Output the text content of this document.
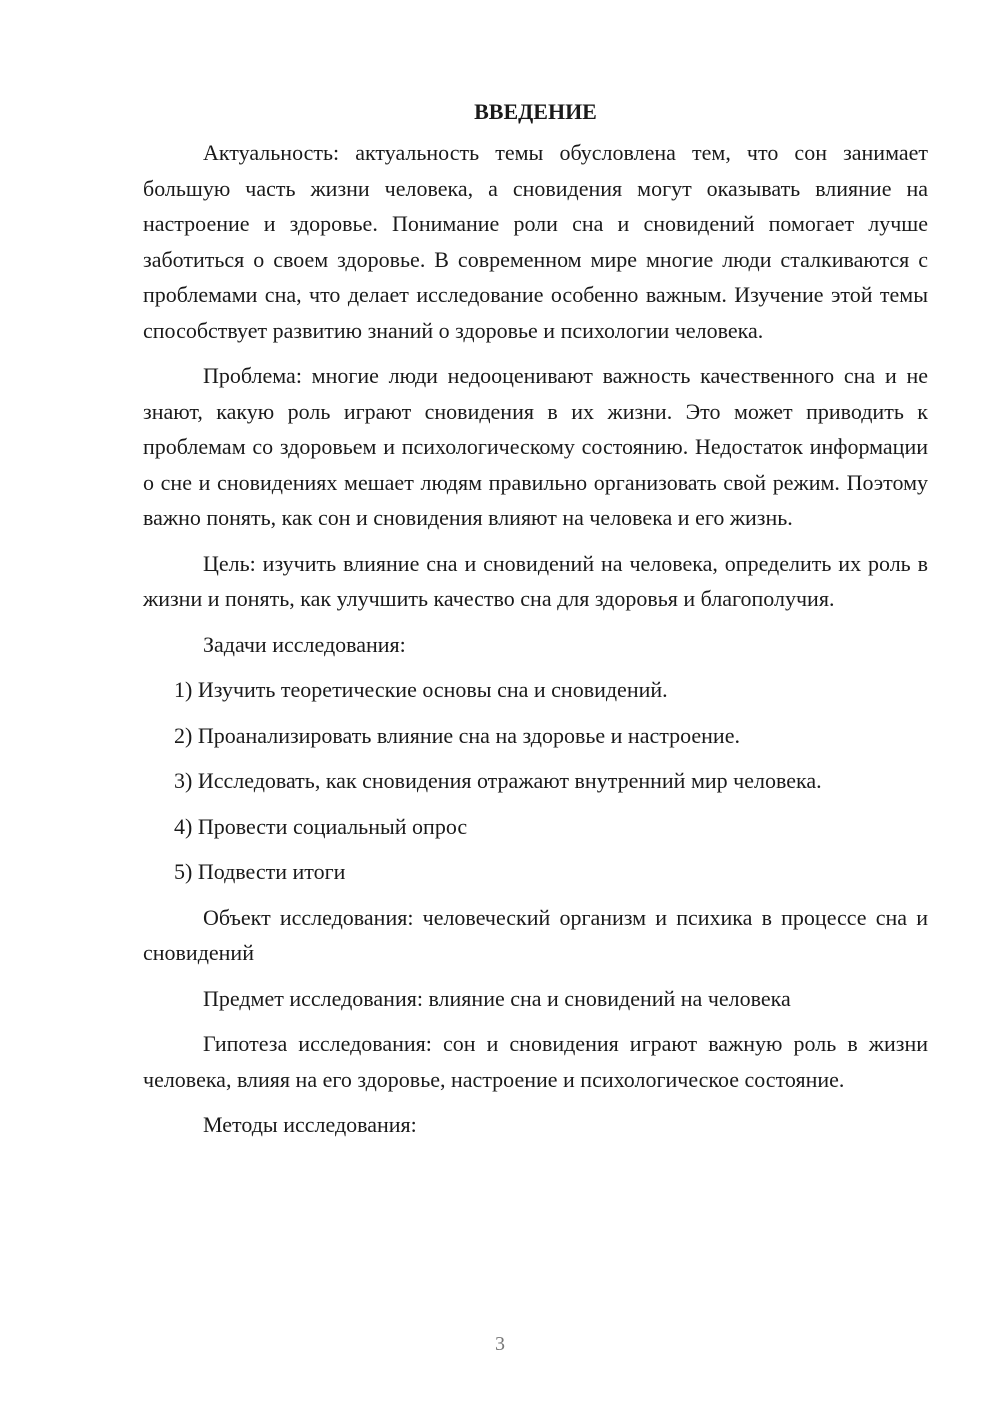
ВВЕДЕНИЕ

Актуальность: актуальность темы обусловлена тем, что сон занимает большую часть жизни человека, а сновидения могут оказывать влияние на настроение и здоровье. Понимание роли сна и сновидений помогает лучше заботиться о своем здоровье. В современном мире многие люди сталкиваются с проблемами сна, что делает исследование особенно важным. Изучение этой темы способствует развитию знаний о здоровье и психологии человека.

Проблема: многие люди недооценивают важность качественного сна и не знают, какую роль играют сновидения в их жизни. Это может приводить к проблемам со здоровьем и психологическому состоянию. Недостаток информации о сне и сновидениях мешает людям правильно организовать свой режим. Поэтому важно понять, как сон и сновидения влияют на человека и его жизнь.

Цель: изучить влияние сна и сновидений на человека, определить их роль в жизни и понять, как улучшить качество сна для здоровья и благополучия.

Задачи исследования:

1) Изучить теоретические основы сна и сновидений.

2) Проанализировать влияние сна на здоровье и настроение.

3) Исследовать, как сновидения отражают внутренний мир человека.

4) Провести социальный опрос

5) Подвести итоги

Объект исследования: человеческий организм и психика в процессе сна и сновидений

Предмет исследования: влияние сна и сновидений на человека

Гипотеза исследования: сон и сновидения играют важную роль в жизни человека, влияя на его здоровье, настроение и психологическое состояние.

Методы исследования:

3
